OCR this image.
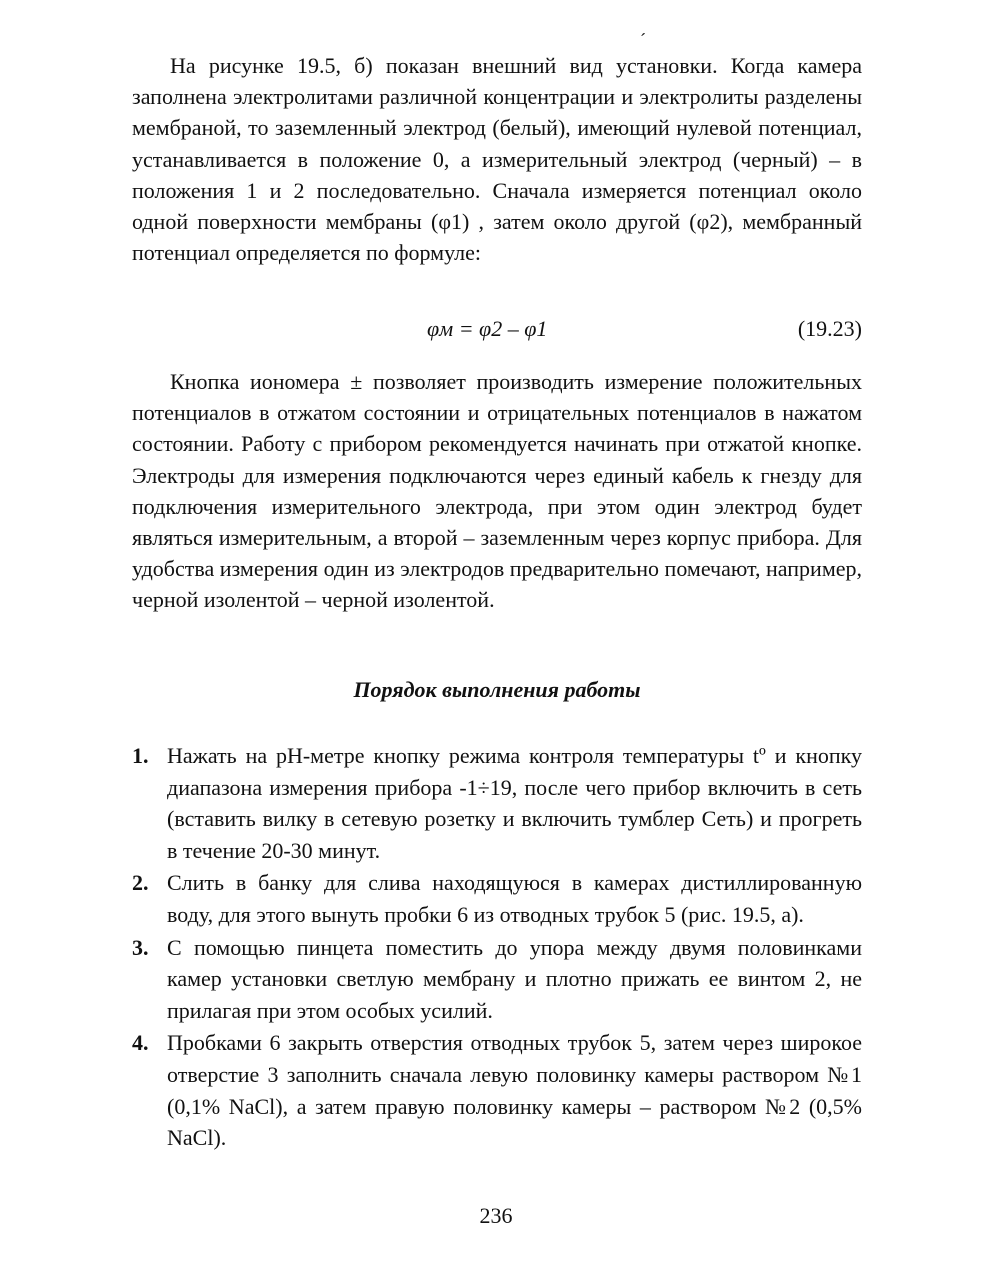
ˊ
На рисунке 19.5, б) показан внешний вид установки. Когда камера заполнена электролитами различной концентрации и электролиты разделены мембраной, то заземленный электрод (белый), имеющий нулевой потенциал, устанавливается в положение 0, а измерительный электрод (черный) – в положения 1 и 2 последовательно. Сначала измеряется потенциал около одной поверхности мембраны (φ1) , затем около другой (φ2), мембранный потенциал определяется по формуле:
φм = φ2 – φ1	(19.23)
Кнопка иономера ± позволяет производить измерение положительных потенциалов в отжатом состоянии и отрицательных потенциалов в нажатом состоянии. Работу с прибором рекомендуется начинать при отжатой кнопке. Электроды для измерения подключаются через единый кабель к гнезду для подключения измерительного электрода, при этом один электрод будет являться измерительным, а второй – заземленным через корпус прибора. Для удобства измерения один из электродов предварительно помечают, например, черной изолентой – черной изолентой.
Порядок выполнения работы
1. Нажать на рН-метре кнопку режима контроля температуры tº и кнопку диапазона измерения прибора -1÷19, после чего прибор включить в сеть (вставить вилку в сетевую розетку и включить тумблер Сеть) и прогреть в течение 20-30 минут.
2. Слить в банку для слива находящуюся в камерах дистиллированную воду, для этого вынуть пробки 6 из отводных трубок 5 (рис. 19.5, а).
3. С помощью пинцета поместить до упора между двумя половинками камер установки светлую мембрану и плотно прижать ее винтом 2, не прилагая при этом особых усилий.
4. Пробками 6 закрыть отверстия отводных трубок 5, затем через широкое отверстие 3 заполнить сначала левую половинку камеры раствором №1 (0,1% NaCl), а затем правую половинку камеры – раствором №2 (0,5% NaCl).
236
